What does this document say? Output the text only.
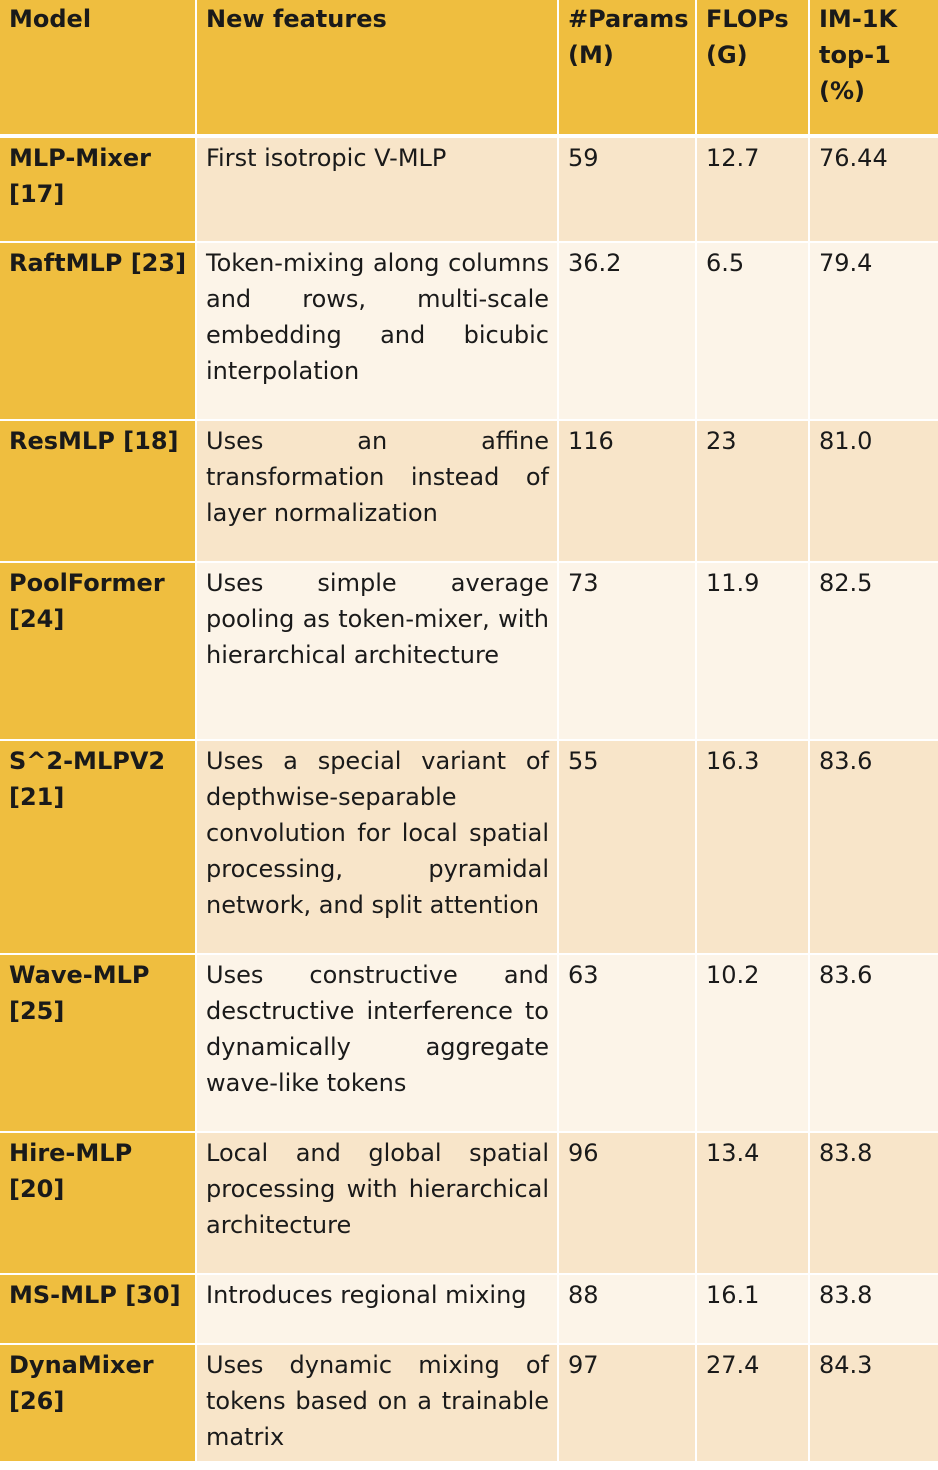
Model	New features	#Params (M)	FLOPs (G)	IM-1K top-1 (%)
MLP-Mixer [17]	First isotropic V-MLP	59	12.7	76.44
RaftMLP [23]	Token-mixing along columns and rows, multi-scale embedding and bicubic interpolation	36.2	6.5	79.4
ResMLP [18]	Uses an affine transformation instead of layer normalization	116	23	81.0
PoolFormer [24]	Uses simple average pooling as token-mixer, with hierarchical architecture	73	11.9	82.5
S^2-MLPV2 [21]	Uses a special variant of depthwise-separable convolution for local spatial processing, pyramidal network, and split attention	55	16.3	83.6
Wave-MLP [25]	Uses constructive and desctructive interference to dynamically aggregate wave-like tokens	63	10.2	83.6
Hire-MLP [20]	Local and global spatial processing with hierarchical architecture	96	13.4	83.8
MS-MLP [30]	Introduces regional mixing	88	16.1	83.8
DynaMixer [26]	Uses dynamic mixing of tokens based on a trainable matrix	97	27.4	84.3
